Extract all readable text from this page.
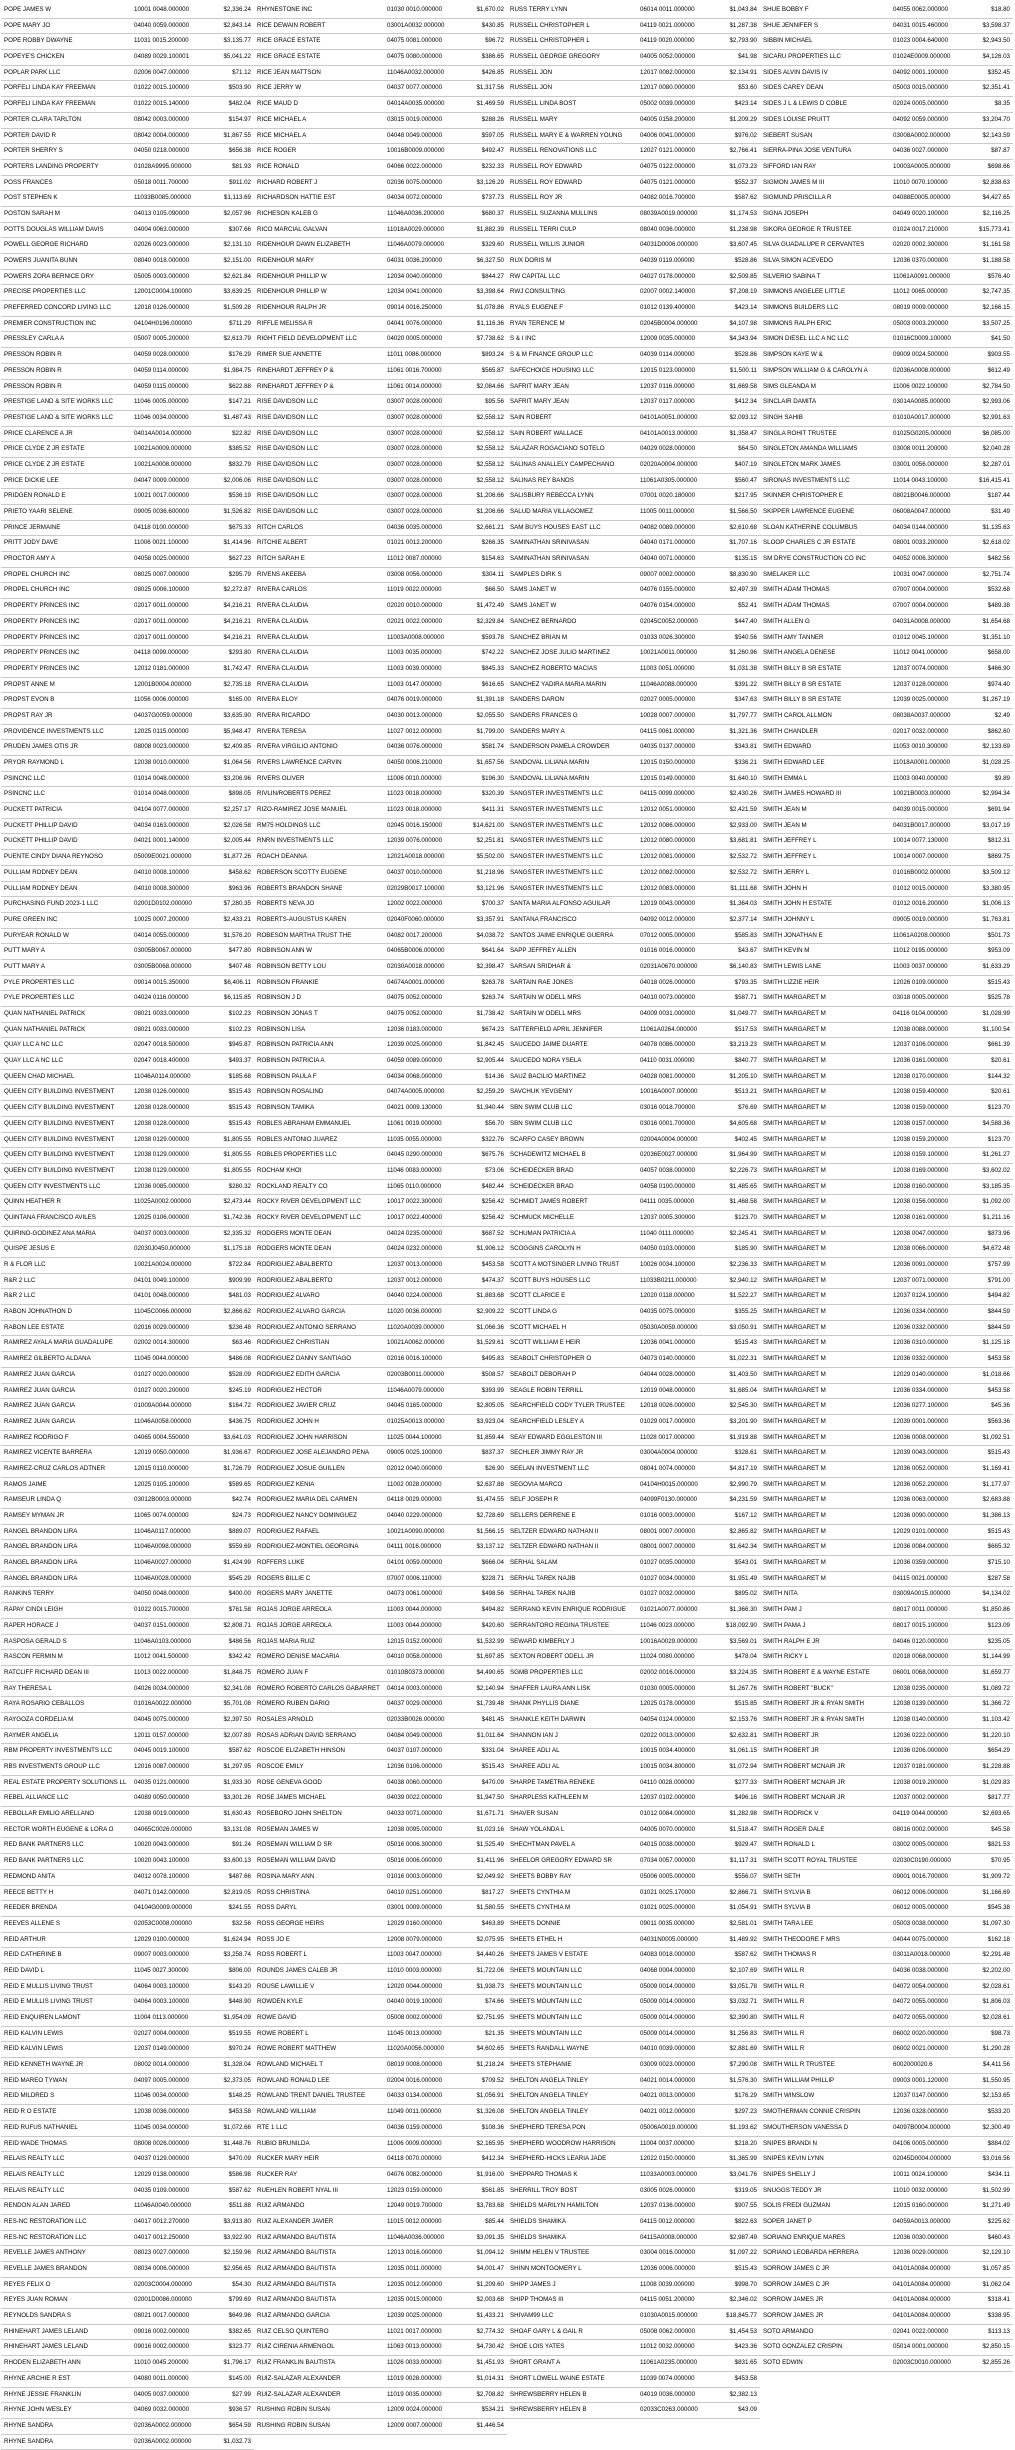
POPE JAMES W	10001 0048.000000	$2,336.24
POPE MARY JO	04040 0059.000000	$2,843.14
POPE ROBBY DWAYNE	11031 0015.200000	$3,135.77
POPEYE'S CHICKEN	04089 0029.100001	$5,041.22
POPLAR PARK LLC	02006 0047.000000	$71.12
PORFELI LINDA KAY FREEMAN	01022 0015.100000	$503.90
PORFELI LINDA KAY FREEMAN	01022 0015.140000	$482.04
PORTER CLARA TARLTON	08042 0003.000000	$154.97
PORTER DAVID R	08042 0004.000000	$1,867.55
PORTER SHERRY S	04050 0218.000000	$656.38
PORTERS LANDING PROPERTY	01028A9995.000000	$81.93
POSS FRANCES	05018 0011.700000	$911.02
POST STEPHEN K	11033B0085.000000	$1,113.69
POSTON SARAH M	04013 0105.090000	$2,057.96
POTTS DOUGLAS WILLIAM DAVIS	04004 0063.000000	$307.66
POWELL GEORGE RICHARD	02026 0023.000000	$2,131.10
POWERS JUANITA BUNN	08040 0018.000000	$2,151.00
POWERS ZORA BERNICE DRY	05005 0003.000000	$2,621.84
PRECISE PROPERTIES LLC	12001C0004.100000	$3,639.25
PREFERRED CONCORD LIVING LLC	12018 0126.000000	$1,509.28
PREMIER CONSTRUCTION INC	04104H0196.000000	$711.29
PRESSLEY CARLA A	05007 0005.200000	$2,613.79
PRESSON ROBIN R	04059 0028.000000	$176.29
PRESSON ROBIN R	04059 0114.000000	$1,984.75
PRESSON ROBIN R	04059 0115.000000	$622.88
PRESTIGE LAND & SITE WORKS LLC	11046 0005.000000	$147.21
PRESTIGE LAND & SITE WORKS LLC	11046 0034.000000	$1,487.43
PRICE CLARENCE A JR	04014A0014.000000	$22.82
PRICE CLYDE Z JR ESTATE	10021A0009.000000	$385.52
PRICE CLYDE Z JR ESTATE	10021A0008.000000	$832.79
PRICE DICKIE LEE	04047 0009.000000	$2,006.06
PRIDGEN RONALD E	10021 0017.000000	$536.19
PRIETO YAARI SELENE	09005 0036.600000	$1,526.82
PRINCE JERMAINE	04118 0100.000000	$675.33
PRITT JODY DAVE	11006 0021.100000	$1,414.96
PROCTOR AMY A	04058 0025.000000	$627.23
PROPEL CHURCH INC	08025 0007.000000	$295.79
PROPEL CHURCH INC	08025 0006.100000	$2,272.87
PROPERTY PRINCES INC	02017 0011.000000	$4,216.21
PROPERTY PRINCES INC	02017 0011.000000	$4,216.21
PROPERTY PRINCES INC	02017 0011.000000	$4,216.21
PROPERTY PRINCES INC	04118 0099.000000	$293.80
PROPERTY PRINCES INC	12012 0181.000000	$1,742.47
PROPST ANNE M	12001B0004.000000	$2,735.18
PROPST EVON B	11056 0006.000000	$165.00
PROPST RAY JR	04037G0059.000000	$3,635.90
PROVIDENCE INVESTMENTS LLC	12025 0115.000000	$5,948.47
PRUDEN JAMES OTIS JR	08008 0023.000000	$2,409.85
PRYOR RAYMOND L	12038 0010.000000	$1,064.56
PSINCNC LLC	01014 0048.000000	$3,206.96
PSINCNC LLC	01014 0048.000000	$898.05
PUCKETT PATRICIA	04104 0077.000000	$2,257.17
PUCKETT PHILLIP DAVID	04034 0163.000000	$2,026.58
PUCKETT PHILLIP DAVID	04021 0001.140000	$2,005.44
PUENTE CINDY DIANA REYNOSO	05009E0021.000000	$1,877.26
PULLIAM RODNEY DEAN	04010 0008.100000	$458.62
PULLIAM RODNEY DEAN	04010 0008.300000	$963.96
PURCHASING FUND 2023-1 LLC	02001D0102.000000	$7,280.35
PURE GREEN INC	10025 0007.200000	$2,433.21
PURYEAR RONALD W	04014 0055.000000	$1,576.20
PUTT MARY A	03005B0067.000000	$477.80
PUTT MARY A	03005B0068.000000	$407.48
PYLE PROPERTIES LLC	09014 0015.350000	$6,406.11
PYLE PROPERTIES LLC	04024 0116.000000	$6,115.85
QUAN NATHANIEL PATRICK	08021 0033.000000	$102.23
QUAN NATHANIEL PATRICK	08021 0033.000000	$102.23
QUAY LLC A NC LLC	02047 0018.500000	$945.87
QUAY LLC A NC LLC	02047 0018.400000	$493.37
QUEEN CHAD MICHAEL	11046A0114.000000	$185.68
QUEEN CITY BUILDING INVESTMENT	12038 0126.000000	$515.43
QUEEN CITY BUILDING INVESTMENT	12038 0128.000000	$515.43
QUEEN CITY BUILDING INVESTMENT	12038 0128.000000	$515.43
QUEEN CITY BUILDING INVESTMENT	12038 0129.000000	$1,805.55
QUEEN CITY BUILDING INVESTMENT	12038 0129.000000	$1,805.55
QUEEN CITY BUILDING INVESTMENT	12038 0129.000000	$1,805.55
QUEEN CITY INVESTMENTS LLC	12036 0085.000000	$280.32
QUINN HEATHER R	11025A0002.000000	$2,473.44
QUINTANA FRANCISCO AVILES	12025 0106.000000	$1,742.36
QUIRINO-GODINEZ ANA MARIA	04037 0003.000000	$2,335.32
QUISPE JESUS E	02030J0450.000000	$1,175.18
R & FLOR LLC	10021A0024.000000	$722.84
R&R 2 LLC	04101 0049.100000	$909.99
R&R 2 LLC	04101 0048.000000	$481.03
RABON JOHNATHON D	11045C0066.000000	$2,866.62
RABON LEE ESTATE	02016 0029.000000	$236.48
RAMIREZ AYALA MARIA GUADALUPE	02002 0014.300000	$63.46
RAMIREZ GILBERTO ALDANA	11045 0044.000000	$486.08
RAMIREZ JUAN GARCIA	01027 0020.000000	$528.09
RAMIREZ JUAN GARCIA	01027 0020.200000	$245.19
RAMIREZ JUAN GARCIA	01009A0044.000000	$164.72
RAMIREZ JUAN GARCIA	11046A0058.000000	$436.75
RAMIREZ RODRIGO F	04065 0004.550000	$3,641.03
RAMIREZ VICENTE BARRERA	12019 0050.000000	$1,936.67
RAMIREZ-CRUZ CARLOS ADTNER	12015 0110.000000	$1,726.79
RAMOS JAIME	12025 0105.100000	$589.65
RAMSEUR LINDA Q	03012B0003.000000	$42.74
RAMSEY MYMAN JR	11065 0074.000000	$24.73
RANGEL BRANDON LIRA	11046A0117.000000	$889.07
RANGEL BRANDON LIRA	11046A0098.000000	$559.69
RANGEL BRANDON LIRA	11046A0027.000000	$1,424.99
RANGEL BRANDON LIRA	11046A0028.000000	$545.29
RANKINS TERRY	04050 0048.000000	$400.00
RAPAY CINDI LEIGH	01022 0015.700000	$761.58
RAPER HORACE J	04037 0151.000000	$2,808.71
RASPOSA GERALD S	11046A0103.000000	$486.56
RASCON FERMIN M	11012 0041.500000	$342.42
RATCLIFF RICHARD DEAN III	11013 0022.000000	$1,848.75
RAY THERESA L	04026 0034.000000	$2,341.08
RAYA ROSARIO CEBALLOS	01016A0022.000000	$5,701.08
RAYGOZA CORDELIA M	04045 0075.000000	$2,397.50
RAYMER ANGELIA	12011 0157.000000	$2,007.89
RBM PROPERTY INVESTMENTS LLC	04045 0019.100000	$587.62
RBS INVESTMENTS GROUP LLC	12016 0087.000000	$1,297.95
REAL ESTATE PROPERTY SOLUTIONS LL	04035 0121.000000	$1,933.30
REBEL ALLIANCE LLC	04089 0050.000000	$3,301.26
REBOLLAR EMILIO ARELLANO	12038 0019.000000	$1,630.43
RECTOR WORTH EUGENE & LORA O	04065C0026.000000	$3,131.08
RED BANK PARTNERS LLC	10020 0043.000000	$91.24
RED BANK PARTNERS LLC	10020 0043.100000	$3,600.13
REDMOND ANITA	04012 0078.100000	$487.66
REECE BETTY H	04071 0142.000000	$2,819.05
REEDER BRENDA	04104G0009.000000	$241.55
REEVES ALLENE S	02053C0008.000000	$32.56
REID ARTHUR	12029 0100.000000	$1,624.94
REID CATHERINE B	09007 0003.000000	$3,258.74
REID DAVID L	11045 0027.300000	$806.00
REID E MULLIS LIVING TRUST	04064 0003.100000	$143.20
REID E MULLIS LIVING TRUST	04064 0003.100000	$448.90
REID ENQUIREN LAMONT	11004 0113.000000	$1,954.09
REID KALVIN LEWIS	02027 0004.000000	$519.55
REID KALVIN LEWIS	12037 0149.000000	$970.24
REID KENNETH WAYNE JR	08002 0014.000000	$1,328.04
REID MAREO TYWAN	04097 0005.000000	$2,373.05
REID MILDRED S	11046 0034.000000	$148.25
REID R O ESTATE	12038 0036.000000	$453.58
REID RUFUS NATHANIEL	11045 0034.000000	$1,072.66
REID WADE THOMAS	08008 0026.000000	$1,448.76
RELAIS REALTY LLC	04037 0129.000000	$470.09
RELAIS REALTY LLC	12029 0138.000000	$586.98
RELAIS REALTY LLC	04035 0109.000000	$587.62
RENDON ALAN JARED	11046A0040.000000	$511.88
RES-NC RESTORATION LLC	04017 0012.270000	$3,913.80
RES-NC RESTORATION LLC	04017 0012.250000	$3,922.90
REVELLE JAMES ANTHONY	08023 0027.000000	$2,159.96
REVELLE JAMES BRANDON	08034 0006.000000	$2,956.65
REYES FELIX O	02003C0004.000000	$54.30
REYES JUAN ROMAN	02001D0086.000000	$799.69
REYNOLDS SANDRA S	08021 0017.000000	$649.96
RHINEHART JAMES LELAND	09016 0002.000000	$382.65
RHINEHART JAMES LELAND	09016 0002.000000	$323.77
RHODEN ELIZABETH ANN	11010 0045.200000	$1,796.17
RHYNE ARCHIE R EST	04080 0011.000000	$145.00
RHYNE JESSIE FRANKLIN	04005 0037.000000	$27.99
RHYNE JOHN WESLEY	04069 0032.000000	$936.57
RHYNE SANDRA	02036A0002.000000	$654.59
RHYNE SANDRA	02036A0002.000000	$1,032.73
RHYNESTONE INC	01030 0010.000000	$1,670.02
RICE DEWAIN ROBERT	03001A0032.000000	$430.85
RICE GRACE ESTATE	04075 0081.000000	$96.72
RICE GRACE ESTATE	04075 0080.000000	$386.65
RICE JEAN MATTSON	11046A0032.000000	$426.85
RICE JERRY W	04037 0077.000000	$1,317.56
RICE MAUD D	04014A0035.000000	$1,469.59
RICE MICHAEL A	03015 0019.000000	$288.26
RICE MICHAEL A	04048 0049.000000	$597.05
RICE ROGER	10016B0009.000000	$492.47
RICE RONALD	04066 0022.000000	$232.33
RICHARD ROBERT J	02036 0075.000000	$3,126.29
RICHARDSON HATTIE EST	04034 0072.000000	$737.73
RICHESON KALEB G	11046A0036.200000	$680.37
RICO MARCIAL GALVAN	11018A0029.000000	$1,882.39
RIDENHOUR DAWN ELIZABETH	11046A0079.000000	$329.60
RIDENHOUR MARY	04031 0036.200000	$6,327.50
RIDENHOUR PHILLIP W	12034 0040.000000	$844.27
RIDENHOUR PHILLIP W	12034 0041.000000	$3,398.64
RIDENHOUR RALPH JR	09014 0016.250000	$1,078.86
RIFFLE MELISSA R	04041 0076.000000	$1,116.36
RIGHT FIELD DEVELOPMENT LLC	04020 0005.000000	$7,738.62
RIMER SUE ANNETTE	11011 0086.000000	$893.24
RINEHARDT JEFFREY P &	11061 0016.700000	$565.87
RINEHARDT JEFFREY P &	11061 0014.000000	$2,084.66
RISE DAVIDSON LLC	03007 0028.000000	$95.56
RISE DAVIDSON LLC	03007 0028.000000	$2,558.12
RISE DAVIDSON LLC	03007 0028.000000	$2,558.12
RISE DAVIDSON LLC	03007 0028.000000	$2,558.12
RISE DAVIDSON LLC	03007 0028.000000	$2,558.12
RISE DAVIDSON LLC	03007 0028.000000	$2,558.12
RISE DAVIDSON LLC	03007 0028.000000	$1,206.66
RISE DAVIDSON LLC	03007 0028.000000	$1,206.66
RITCH CARLOS	04036 0035.000000	$2,661.21
RITCHIE ALBERT	01021 0012.200000	$266.35
RITCH SARAH E	11012 0087.000000	$154.63
RIVENS AKEEBA	03008 0056.000000	$304.11
RIVERA CARLOS	11019 0022.000000	$66.50
RIVERA CLAUDIA	02020 0010.000000	$1,472.49
RIVERA CLAUDIA	02021 0022.000000	$2,329.84
RIVERA CLAUDIA	11003A0008.000000	$593.78
RIVERA CLAUDIA	11003 0035.000000	$742.22
RIVERA CLAUDIA	11003 0039.000000	$845.33
RIVERA CLAUDIA	11003 0147.000000	$616.65
RIVERA ELOY	04076 0019.000000	$1,391.18
RIVERA RICARDO	04030 0013.000000	$2,055.50
RIVERA TERESA	11027 0012.000000	$1,799.00
RIVERA VIRGILIO ANTONIO	04036 0076.000000	$581.74
RIVERS LAWRENCE CARVIN	04050 0006.210000	$1,657.56
RIVERS OLIVER	11006 0010.000000	$196.30
RIVLIN/ROBERTS PEREZ	11023 0018.000000	$320.39
RIZO-RAMIREZ JOSE MANUEL	11023 0018.000000	$411.31
RM75 HOLDINGS LLC	02045 0016.150000	$14,621.00
RNRN INVESTMENTS LLC	12039 0076.000000	$2,251.81
ROACH DEANNA	12021A0018.000000	$5,502.00
ROBERSON SCOTTY EUGENE	04037 0010.000000	$1,218.96
ROBERTS BRANDON SHANE	02029B0017.100000	$3,121.96
ROBERTS NEVA JO	12002 0022.000000	$700.37
ROBERTS-AUGUSTUS KAREN	02040F0060.000000	$3,357.91
ROBESON MARTHA TRUST THE	04082 0017.200000	$4,038.72
ROBINSON ANN W	04065B0006.000000	$641.64
ROBINSON BETTY LOU	02030A0018.000000	$2,398.47
ROBINSON FRANKIE	04074A0001.000000	$263.78
ROBINSON J D	04075 0052.000000	$263.74
ROBINSON JONAS T	04075 0052.000000	$1,738.42
ROBINSON LISA	12036 0183.000000	$674.23
ROBINSON PATRICIA ANN	12039 0025.000000	$1,842.45
ROBINSON PATRICIA A	04059 0089.000000	$2,905.44
ROBINSON PAULA F	04034 0068.000000	$14.36
ROBINSON ROSALIND	04074A0005.000000	$2,259.29
ROBINSON TAMIKA	04021 0009.130000	$1,940.44
ROBLES ABRAHAM EMMANUEL	11061 0019.000000	$56.70
ROBLES ANTONIO JUAREZ	11035 0055.000000	$322.76
ROBLES PROPERTIES LLC	04045 0290.000000	$675.76
ROCHAM KHOI	11046 0083.000000	$73.06
ROCKLAND REALTY CO	11065 0110.000000	$482.44
ROCKY RIVER DEVELOPMENT LLC	10017 0022.300000	$256.42
ROCKY RIVER DEVELOPMENT LLC	10017 0022.400000	$256.42
RODGERS MONTE DEAN	04024 0235.000000	$687.52
RODGERS MONTE DEAN	04024 0232.000000	$1,906.12
RODRIGUEZ ABALBERTO	12037 0013.000000	$453.58
RODRIGUEZ ABALBERTO	12037 0012.000000	$474.37
RODRIGUEZ ALVARO	04040 0224.000000	$1,883.68
RODRIGUEZ ALVARO GARCIA	11020 0036.000000	$2,909.22
RODRIGUEZ ANTONIO SERRANO	11020A0039.000000	$1,066.36
RODRIGUEZ CHRISTIAN	10021A0062.000000	$1,529.61
RODRIGUEZ DANNY SANTIAGO	02016 0016.100000	$495.83
RODRIGUEZ EDITH GARCIA	02003B0011.000000	$508.57
RODRIGUEZ HECTOR	11046A0079.000000	$393.99
RODRIGUEZ JAVIER CRUZ	04045 0165.000000	$2,805.05
RODRIGUEZ JOHN H	01025A0013.000000	$3,923.04
RODRIGUEZ JOHN HARRISON	11025 0044.100000	$1,859.44
RODRIGUEZ JOSE ALEJANDRO PENA	09005 0025.100000	$837.37
RODRIGUEZ JOSUE GUILLEN	02012 0040.000000	$26.90
RODRIGUEZ KENIA	11002 0028.000000	$2,637.88
RODRIGUEZ MARIA DEL CARMEN	04118 0029.000000	$1,474.55
RODRIGUEZ NANCY DOMINGUEZ	04040 0229.000000	$2,728.69
RODRIGUEZ RAFAEL	10021A0090.000000	$1,566.15
RODRIGUEZ-MONTIEL GEORGINA	04111 0016.000000	$3,137.12
ROFFERS LUKE	04101 0059.000000	$666.04
ROGERS BILLIE C	07007 0006.110000	$228.71
ROGERS MARY JANETTE	04073 0061.000000	$498.56
ROJAS JORGE ARREOLA	11003 0044.000000	$494.82
ROJAS JORGE ARREOLA	11003 0044.000000	$420.60
ROJAS MARIA RUIZ	12015 0152.000000	$1,532.99
ROMERO DENISE MACARIA	04010 0058.000000	$1,697.85
ROMERO JUAN F	01010B0373.000000	$4,490.65
ROMERO ROBERTO CARLOS GABARRET	04014 0003.000000	$2,140.94
ROMERO RUBEN DARIO	04037 0029.000000	$1,739.48
ROSALES ARNOLD	02033B0026.000000	$481.45
ROSAS ADRIAN DAVID SERRANO	04084 0049.000000	$1,011.64
ROSCOE ELIZABETH HINSON	04037 0107.000000	$331.04
ROSCOE EMILY	12036 0106.000000	$515.43
ROSE GENEVA GOOD	04038 0060.000000	$470.09
ROSE JAMES MICHAEL	04039 0022.000000	$1,947.50
ROSEBORO JOHN SHELTON	04033 0071.000000	$1,671.71
ROSEMAN JAMES W	12038 0095.000000	$1,023.16
ROSEMAN WILLIAM D SR	05016 0006.300000	$1,525.49
ROSEMAN WILLIAM DAVID	05016 0006.000000	$1,411.96
ROSINA MARY ANN	01016 0003.000000	$2,049.92
ROSS CHRISTINA	04010 0251.000000	$817.27
ROSS DARYL	03001 0009.000000	$1,580.55
ROSS GEORGE HEIRS	12029 0160.000000	$463.89
ROSS JO E	12008 0079.000000	$2,075.95
ROSS ROBERT L	11003 0047.000000	$4,440.26
ROUNDS JAMES CALEB JR	11010 0003.000000	$1,722.06
ROUSE LAWILLIE V	12020 0044.000000	$1,938.73
ROWDEN KYLE	04040 0019.100000	$74.66
ROWE DAVID	05008 0002.000000	$2,751.95
ROWE ROBERT L	11045 0013.000000	$21.35
ROWE ROBERT MATTHEW	11020A0056.000000	$4,602.65
ROWLAND MICHAEL T	08019 0008.000000	$1,218.24
ROWLAND RONALD LEE	02004 0016.000000	$709.52
ROWLAND TRENT DANIEL TRUSTEE	04033 0134.000000	$1,056.91
ROWLAND WILLIAM	11049 0011.000000	$1,326.08
RTE 1 LLC	04036 0159.000000	$108.36
RUBIO BRUNILDA	11006 0009.000000	$2,165.95
RUCKER MARY HEIR	04118 0070.000000	$412.34
RUCKER RAY	04076 0082.000000	$1,916.00
RUEHLEN ROBERT NYAL III	12023 0159.000000	$561.85
RUIZ ARMANDO	12049 0019.700000	$3,783.68
RUIZ ALEXANDER JAVIER	11015 0012.000000	$85.44
RUIZ ARMANDO BAUTISTA	11046A0036.000000	$3,091.35
RUIZ ARMANDO BAUTISTA	12013 0016.000000	$1,094.12
RUIZ ARMANDO BAUTISTA	12035 0011.000000	$4,001.47
RUIZ ARMANDO BAUTISTA	12035 0012.000000	$1,209.60
RUIZ ARMANDO BAUTISTA	12035 0015.000000	$2,003.68
RUIZ ARMANDO GARCIA	12039 0025.000000	$1,433.21
RUIZ CELSO QUINTERO	11021 0017.000000	$2,774.32
RUIZ CIRENIA ARMENGOL	11063 0013.000000	$4,730.42
RUIZ FRANKLIN BAUTISTA	11026 0033.000000	$1,451.93
RUIZ-SALAZAR ALEXANDER	11019 0028.000000	$1,014.31
RUIZ-SALAZAR ALEXANDER	11019 0035.000000	$2,708.82
RUSHING ROBIN SUSAN	12009 0024.000000	$534.21
RUSHING ROBIN SUSAN	12009 0007.000000	$1,446.54
RUSS TERRY LYNN	06014 0011.000000	$1,043.84
RUSSELL CHRISTOPHER L	04119 0021.000000	$1,287.38
RUSSELL CHRISTOPHER L	04119 0020.000000	$2,793.90
RUSSELL GEORGE GREGORY	04005 0052.000000	$41.98
RUSSELL JON	12017 0082.000000	$2,134.91
RUSSELL JON	12017 0080.000000	$53.60
RUSSELL LINDA BOST	05002 0039.000000	$423.14
RUSSELL MARY	04005 0158.200000	$1,209.29
RUSSELL MARY E & WARREN YOUNG	04006 0041.000000	$976.02
RUSSELL RENOVATIONS LLC	12027 0121.000000	$2,766.41
RUSSELL ROY EDWARD	04075 0122.000000	$1,073.23
RUSSELL ROY EDWARD	04075 0121.000000	$552.37
RUSSELL ROY JR	04082 0016.700000	$587.62
RUSSELL SUZANNA MULLINS	08039A0019.000000	$1,174.53
RUSSELL TERRI CULP	08040 0036.000000	$1,238.98
RUSSELL WILLIS JUNIOR	04031D0006.000000	$3,607.45
RUX DORIS M	04039 0119.000000	$528.86
RW CAPITAL LLC	04027 0178.000000	$2,509.85
RWJ CONSULTING	02007 0002.140000	$7,208.19
RYALS EUGENE F	01012 0139.400000	$423.14
RYAN TERENCE M	02045B0004.000000	$4,107.98
S & I INC	12009 0035.000000	$4,343.94
S & M FINANCE GROUP LLC	04039 0114.000000	$528.86
SAFECHOICE HOUSING LLC	12015 0123.000000	$1,500.11
SAFRIT MARY JEAN	12037 0116.000000	$1,669.58
SAFRIT MARY JEAN	12037 0117.000000	$412.34
SAIN ROBERT	04101A0051.000000	$2,093.12
SAIN ROBERT WALLACE	04101A0013.000000	$1,358.47
SALAZAR ROGACIANO SOTELO	04029 0028.000000	$64.50
SALINAS ANALLELY CAMPECHANO	02020A0004.000000	$407.19
SALINAS REY BANOS	11061A0305.000000	$560.47
SALISBURY REBECCA LYNN	07001 0020.180000	$217.95
SALUD MARIA VILLAGOMEZ	11005 0011.000000	$1,566.50
SAM BUYS HOUSES EAST LLC	04082 0089.000000	$2,610.68
SAMINATHAN SRINIVASAN	04040 0171.000000	$1,707.16
SAMINATHAN SRINIVASAN	04040 0071.000000	$135.15
SAMPLES DIRK S	09007 0002.000000	$8,830.90
SAMS JANET W	04076 0155.000000	$2,497.39
SAMS JANET W	04076 0154.000000	$52.41
SANCHEZ BERNARDO	02045C0052.000000	$447.40
SANCHEZ BRIAN M	01033 0026.300000	$540.56
SANCHEZ JOSE JULIO MARTINEZ	10021A0011.000000	$1,260.96
SANCHEZ ROBERTO MACIAS	11003 0051.000000	$1,031.38
SANCHEZ YADIRA MARIA MARIN	11046A0088.000000	$391.22
SANDERS DARON	02027 0005.000000	$347.63
SANDERS FRANCES G	10028 0007.000000	$1,797.77
SANDERS MARY A	04115 0061.000000	$1,321.36
SANDERSON PAMELA CROWDER	04035 0137.000000	$343.81
SANDOVAL LILIANA MARIN	12015 0150.000000	$336.21
SANDOVAL LILIANA MARIN	12015 0149.000000	$1,640.10
SANGSTER INVESTMENTS LLC	04115 0099.000000	$2,430.26
SANGSTER INVESTMENTS LLC	12012 0051.000000	$2,421.59
SANGSTER INVESTMENTS LLC	12012 0086.000000	$2,933.00
SANGSTER INVESTMENTS LLC	12012 0080.000000	$3,681.81
SANGSTER INVESTMENTS LLC	12012 0081.000000	$2,532.72
SANGSTER INVESTMENTS LLC	12012 0082.000000	$2,532.72
SANGSTER INVESTMENTS LLC	12012 0083.000000	$1,111.68
SANTA MARIA ALFONSO AGUILAR	12019 0043.000000	$1,364.03
SANTANA FRANCISCO	04092 0012.000000	$2,377.14
SANTOS JAIME ENRIQUE GUERRA	07012 0005.000000	$585.83
SAPP JEFFREY ALLEN	01016 0016.000000	$43.67
SARSAN SRIDHAR &	02031A0670.000000	$6,140.83
SARTAIN RAE JONES	04018 0026.000000	$793.35
SARTAIN W ODELL MRS	04010 0073.000000	$587.71
SARTAIN W ODELL MRS	04009 0031.000000	$1,049.77
SATTERFIELD APRIL JENNIFER	11061A0264.000000	$517.53
SAUCEDO JAIME DUARTE	04078 0086.000000	$3,213.23
SAUCEDO NORA YSELA	04110 0031.000000	$840.77
SAUZ BACILIO MARTINEZ	04028 0081.000000	$1,205.10
SAVCHUK YEVGENIY	10016A0007.000000	$513.21
SBN SWIM CLUB LLC	03016 0018.700000	$76.69
SBN SWIM CLUB LLC	03016 0001.700000	$4,605.68
SCARFO CASEY BROWN	02004A0004.000000	$402.45
SCHADEWITZ MICHAEL B	02036E0027.000000	$1,964.99
SCHEIDECKER BRAD	04057 0038.000000	$2,226.73
SCHEIDECKER BRAD	04058 0100.000000	$1,485.65
SCHMIDT JAMES ROBERT	04111 0035.000000	$1,468.58
SCHMUCK MICHELLE	12037 0005.300000	$123.70
SCHUMAN PATRICIA A	11040 0111.000000	$2,245.41
SCOGGINS CAROLYN H	04050 0103.000000	$185.90
SCOTT A MOTSINGER LIVING TRUST	10026 0034.100000	$2,236.33
SCOTT BUYS HOUSES LLC	11033B0211.000000	$2,940.12
SCOTT CLARICE E	12020 0118.000000	$1,522.27
SCOTT LINDA G	04035 0075.000000	$355.25
SCOTT MICHAEL H	05030A0059.000000	$3,050.91
SCOTT WILLIAM E HEIR	12036 0041.000000	$515.43
SEABOLT CHRISTOPHER O	04073 0140.000000	$1,022.31
SEABOLT DEBORAH P	04044 0028.000000	$1,403.50
SEAGLE ROBIN TERRILL	12019 0048.000000	$1,685.04
SEARCHFIELD CODY TYLER TRUSTEE	12018 0026.000000	$2,545.30
SEARCHFIELD LESLEY A	01029 0017.000000	$3,201.90
SEAY EDWARD EGGLESTON III	11028 0017.000000	$1,919.88
SECHLER JIMMY RAY JR	03004A0004.000000	$328.61
SEELAN INVESTMENT LLC	08041 0074.000000	$4,817.19
SEGOVIA MARCO	04104H0015.000000	$2,990.79
SELF JOSEPH R	04099F0130.000000	$4,231.59
SELLERS DERRENE E	01016 0003.000000	$167.12
SELTZER EDWARD NATHAN II	08001 0007.000000	$2,865.82
SELTZER EDWARD NATHAN II	08001 0007.000000	$1,642.34
SERHAL SALAM	01027 0035.000000	$543.01
SERHAL TAREK NAJIB	01027 0034.000000	$1,951.49
SERHAL TAREK NAJIB	01027 0032.000000	$895.02
SERRANO KEVIN ENRIQUE RODRIGUE	01021A0077.000000	$1,366.30
SERRANTORO REGINA TRUSTEE	11046 0023.000000	$18,092.90
SEWARD KIMBERLY J	10016A0029.000000	$3,569.01
SEXTON ROBERT ODELL JR	11024 0080.000000	$478.04
SGMB PROPERTIES LLC	02002 0016.000000	$3,224.35
SHAFFER LAURA ANN LISK	01030 0005.000000	$1,267.76
SHANK PHYLLIS DIANE	12025 0178.000000	$515.85
SHANKLE KEITH DARWIN	04054 0124.000000	$2,153.76
SHANNON IAN J	02022 0013.000000	$2,632.81
SHAREE ADLI AL	10015 0034.400000	$1,061.15
SHAREE ADLI AL	10015 0034.800000	$1,072.94
SHARPE TAMETRIA RENEKE	04110 0028.000000	$277.33
SHARPLESS KATHLEEN M	12037 0102.000000	$496.16
SHAVER SUSAN	01012 0084.000000	$1,282.98
SHAW YOLANDA L	04005 0070.000000	$1,518.47
SHECHTMAN PAVEL A	04015 0038.000000	$929.47
SHEELOR GREGORY EDWARD SR	07034 0057.000000	$1,117.31
SHEETS BOBBY RAY	05006 0005.000000	$556.07
SHEETS CYNTHIA M	01021 0025.170000	$2,866.71
SHEETS CYNTHIA M	01021 0025.000000	$1,054.91
SHEETS DONNIE	09011 0035.000000	$2,581.01
SHEETS ETHEL H	04031N0005.000000	$1,489.92
SHEETS JAMES V ESTATE	04083 0018.000000	$587.62
SHEETS MOUNTAIN LLC	04068 0004.000000	$2,107.69
SHEETS MOUNTAIN LLC	05009 0014.000000	$3,051.78
SHEETS MOUNTAIN LLC	05009 0014.000000	$3,032.71
SHEETS MOUNTAIN LLC	05009 0014.000000	$2,390.80
SHEETS MOUNTAIN LLC	05009 0014.000000	$1,256.83
SHEETS RANDALL WAYNE	04010 0039.000000	$2,881.69
SHEETS STEPHANIE	03009 0023.000000	$7,290.08
SHELTON ANGELA TINLEY	04021 0014.000000	$1,576.30
SHELTON ANGELA TINLEY	04021 0013.000000	$176.29
SHELTON ANGELA TINLEY	04021 0012.000000	$297.23
SHEPHERD TERESA PON	05006A0019.000000	$1,193.62
SHEPHERD WOODROW HARRISON	11004 0037.000000	$218.20
SHEPHERD-HICKS LEARIA JADE	12022 0150.000000	$1,365.99
SHEPPARD THOMAS K	11033A0003.000000	$3,041.76
SHERRILL TROY BOST	03005 0026.000000	$319.05
SHIELDS MARILYN HAMILTON	12037 0136.000000	$907.55
SHIELDS SHAMIKA	04115 0012.000000	$822.63
SHIELDS SHAMIKA	04115A0008.000000	$2,987.49
SHIMM HELEN V TRUSTEE	03004 0016.000000	$1,097.22
SHINN MONTGOMERY L	12036 0006.000000	$515.43
SHIPP JAMES J	11008 0039.000000	$998.70
SHIPP THOMAS III	04115 0051.200000	$2,346.02
SHIVAM99 LLC	01030A0015.000000	$18,845.77
SHOAF GARY L & GAIL R	05008 0062.000000	$1,454.53
SHOE LOIS YATES	11012 0032.000000	$423.36
SHORT GRANT A	11061A0235.000000	$831.65
SHORT LOWELL WAINE ESTATE	11039 0074.000000	$453.58
SHREWSBERRY HELEN B	04019 0036.000000	$2,382.13
SHREWSBERRY HELEN B	02033C0263.000000	$43.09
SHUE BOBBY F	04055 0062.000000	$18.80
SHUE JENNIFER S	04031 0015.460000	$3,598.37
SIBBIN MICHAEL	01023 0004.640000	$2,943.50
SICARU PROPERTIES LLC	01024E0009.000000	$4,126.03
SIDES ALVIN DAVIS IV	04092 0001.100000	$352.45
SIDES CAREY DEAN	05003 0015.000000	$2,351.41
SIDES J L & LEWIS D COBLE	02024 0005.000000	$8.35
SIDES LOUISE PRUITT	04092 0059.000000	$3,204.70
SIEBERT SUSAN	03008A0002.000000	$2,143.59
SIERRA-PINA JOSE VENTURA	04036 0027.000000	$87.87
SIFFORD IAN RAY	10003A0005.000000	$698.66
SIGMON JAMES M III	11010 0070.100000	$2,838.63
SIGMUND PRISCILLA R	04088E0005.000000	$4,427.65
SIGNA JOSEPH	04049 0020.100000	$2,116.25
SIKORA GEORGE R TRUSTEE	01024 0017.210000	$15,773.41
SILVA GUADALUPE R CERVANTES	02020 0002.300000	$1,161.58
SILVA SIMON ACEVEDO	12036 0370.000000	$1,188.58
SILVERIO SABINA T	11061A0091.000000	$576.40
SIMMONS ANGELEE LITTLE	11012 0065.000000	$2,747.35
SIMMONS BUILDERS LLC	08019 0009.000000	$2,166.15
SIMMONS RALPH ERIC	05003 0003.200000	$3,507.25
SIMON DIESEL LLC A NC LLC	01016C0009.100000	$41.50
SIMPSON KAYE W &	09009 0024.500000	$903.55
SIMPSON WILLIAM G & CAROLYN A	02036A0008.000000	$612.49
SIMS GLEANDA M	11006 0022.100000	$2,784.50
SINCLAIR DAMITA	03014A0085.000000	$2,993.06
SINGH SAHIB	01010A0017.000000	$2,991.63
SINGLA ROHIT TRUSTEE	01025G0205.000000	$6,085.00
SINGLETON AMANDA WILLIAMS	03008 0011.200000	$2,040.28
SINGLETON MARK JAMES	03001 0056.000000	$2,287.01
SIRONAS INVESTMENTS LLC	11014 0043.100000	$16,415.41
SKINNER CHRISTOPHER E	08021B0046.000000	$187.44
SKIPPER LAWRENCE EUGENE	06008A0047.000000	$31.49
SLOAN KATHERINE COLUMBUS	04034 0144.000000	$1,135.63
SLOOP CHARLES C JR ESTATE	08001 0033.200000	$2,618.02
SM DRYE CONSTRUCTION CO INC	04052 0006.300000	$482.56
SMELAKER LLC	10031 0047.000000	$2,751.74
SMITH ADAM THOMAS	07007 0004.000000	$532.68
SMITH ADAM THOMAS	07007 0004.000000	$489.38
SMITH ALLEN G	04031A0008.000000	$1,654.68
SMITH AMY TANNER	01012 0045.100000	$1,351.10
SMITH ANGELA DENESE	11012 0041.000000	$658.00
SMITH BILLY B SR ESTATE	12037 0074.000000	$466.90
SMITH BILLY B SR ESTATE	12037 0128.000000	$974.40
SMITH BILLY B SR ESTATE	12039 0025.000000	$1,267.19
SMITH CAROL ALLMON	08038A0037.000000	$2.49
SMITH CHANDLER	02017 0032.000000	$862.60
SMITH EDWARD	11053 0010.300000	$2,133.69
SMITH EDWARD LEE	11018A0001.000000	$1,028.25
SMITH EMMA L	11003 0040.000000	$9.89
SMITH JAMES HOWARD III	10021B0003.000000	$2,994.34
SMITH JEAN M	04039 0015.000000	$691.94
SMITH JEAN M	04031B0017.000000	$3,017.19
SMITH JEFFREY L	10014 0077.130000	$812.31
SMITH JEFFREY L	10014 0007.000000	$869.75
SMITH JERRY L	01016B0002.000000	$3,509.12
SMITH JOHN H	01012 0015.000000	$3,380.95
SMITH JOHN H ESTATE	01012 0016.200000	$1,006.13
SMITH JOHNNY L	09005 0019.000000	$1,763.81
SMITH JONATHAN E	11061A0208.000000	$501.73
SMITH KEVIN M	11012 0195.000000	$953.09
SMITH LEWIS LANE	11003 0037.000000	$1,633.29
SMITH LIZZIE HEIR	12026 0109.000000	$515.43
SMITH MARGARET M	03018 0005.000000	$525.78
SMITH MARGARET M	04116 0104.000000	$1,028.99
SMITH MARGARET M	12038 0088.000000	$1,100.54
SMITH MARGARET M	12037 0106.000000	$661.39
SMITH MARGARET M	12036 0161.000000	$20.61
SMITH MARGARET M	12038 0170.000000	$144.32
SMITH MARGARET M	12038 0159.400000	$20.61
SMITH MARGARET M	12038 0159.000000	$123.70
SMITH MARGARET M	12038 0157.000000	$4,588.36
SMITH MARGARET M	12038 0159.200000	$123.70
SMITH MARGARET M	12038 0159.100000	$1,261.27
SMITH MARGARET M	12038 0169.000000	$3,602.02
SMITH MARGARET M	12038 0160.000000	$3,185.35
SMITH MARGARET M	12038 0156.000000	$1,092.00
SMITH MARGARET M	12038 0161.000000	$1,211.16
SMITH MARGARET M	12038 0047.000000	$873.96
SMITH MARGARET M	12038 0066.000000	$4,672.48
SMITH MARGARET M	12036 0091.000000	$757.99
SMITH MARGARET M	12037 0071.000000	$791.00
SMITH MARGARET M	12037 0124.100000	$494.82
SMITH MARGARET M	12036 0334.000000	$844.59
SMITH MARGARET M	12036 0332.000000	$844.59
SMITH MARGARET M	12036 0310.000000	$1,125.18
SMITH MARGARET M	12036 0332.000000	$453.58
SMITH MARGARET M	12029 0140.000000	$1,018.66
SMITH MARGARET M	12036 0334.000000	$453.58
SMITH MARGARET M	12036 0277.100000	$45.36
SMITH MARGARET M	12039 0001.000000	$563.36
SMITH MARGARET M	12036 0008.000000	$1,092.51
SMITH MARGARET M	12039 0043.000000	$515.43
SMITH MARGARET M	12036 0052.000000	$1,169.41
SMITH MARGARET M	12036 0052.200000	$1,177.97
SMITH MARGARET M	12036 0063.000000	$2,683.88
SMITH MARGARET M	12036 0090.000000	$1,386.13
SMITH MARGARET M	12029 0101.000000	$515.43
SMITH MARGARET M	12036 0084.000000	$665.32
SMITH MARGARET M	12036 0359.000000	$715.10
SMITH MARGARET M	04115 0021.000000	$287.58
SMITH NITA	03009A0015.000000	$4,134.02
SMITH PAM J	08017 0011.000000	$1,850.86
SMITH PAMA J	08017 0015.100000	$123.09
SMITH RALPH E JR	04046 0120.000000	$235.05
SMITH RICKY L	02018 0068.000000	$1,144.99
SMITH ROBERT E & WAYNE ESTATE	06001 0068.000000	$1,659.77
SMITH ROBERT "BUCK"	12038 0235.000000	$1,089.72
SMITH ROBERT JR & RYAN SMITH	12038 0139.000000	$1,366.72
SMITH ROBERT JR & RYAN SMITH	12038 0140.000000	$1,103.42
SMITH ROBERT JR	12036 0222.000000	$1,220.10
SMITH ROBERT JR	12036 0206.000000	$654.29
SMITH ROBERT MCNAIR JR	12037 0181.000000	$1,228.88
SMITH ROBERT MCNAIR JR	12038 0019.200000	$1,029.83
SMITH ROBERT MCNAIR JR	12037 0002.000000	$817.77
SMITH RODRICK V	04119 0044.000000	$2,693.65
SMITH ROGER DALE	08016 0002.000000	$45.58
SMITH RONALD L	03002 0005.000000	$821.53
SMITH SCOTT ROYAL TRUSTEE	02030C0190.000000	$70.95
SMITH SETH	09001 0016.700000	$1,909.72
SMITH SYLVIA B	06012 0006.000000	$1,166.69
SMITH SYLVIA B	06012 0005.000000	$545.38
SMITH TARA LEE	05003 0038.000000	$1,097.30
SMITH THEODORE F MRS	04044 0075.000000	$162.18
SMITH THOMAS R	03011A0018.000000	$2,291.48
SMITH WILL R	04036 0038.000000	$2,202.00
SMITH WILL R	04072 0054.000000	$2,028.61
SMITH WILL R	04072 0055.000000	$1,806.03
SMITH WILL R	04072 0055.000000	$2,028.61
SMITH WILL R	06002 0020.000000	$98.73
SMITH WILL R	06002 0021.000000	$1,290.28
SMITH WILL R TRUSTEE	6002000020.6	$4,411.56
SMITH WILLIAM PHILLIP	09003 0001.120000	$1,550.95
SMITH WINSLOW	12037 0147.000000	$2,153.65
SMOTHERMAN CONNIE CRISPIN	12036 0328.000000	$533.20
SMOUTHERSON VANESSA D	04097B0004.000000	$2,300.49
SNIPES BRANDI N	04106 0005.000000	$884.02
SNIPES KEVIN LYNN	02045D0004.000000	$3,016.56
SNIPES SHELLY J	10011 0024.100000	$434.11
SNUGGS TEDDY JR	11010 0032.000000	$1,502.99
SOLIS FREDI GUZMAN	12015 0160.000000	$1,271.49
SOPER JANET P	04059A0013.000000	$225.62
SORIANO ENRIQUE MARES	12036 0030.000000	$460.43
SORIANO LEOBARDA HERRERA	12036 0029.000000	$2,129.10
SORROW JAMES C JR	04101A0084.000000	$1,057.85
SORROW JAMES C JR	04101A0084.000000	$1,062.04
SORROW JAMES JR	04101A0084.000000	$318.41
SORROW JAMES JR	04101A0084.000000	$338.95
SOTO ARMANDO	02041 0022.000000	$113.13
SOTO GONZALEZ CRISPIN	05014 0001.000000	$2,850.15
SOTO EDWIN	02003C0010.000000	$2,855.26
